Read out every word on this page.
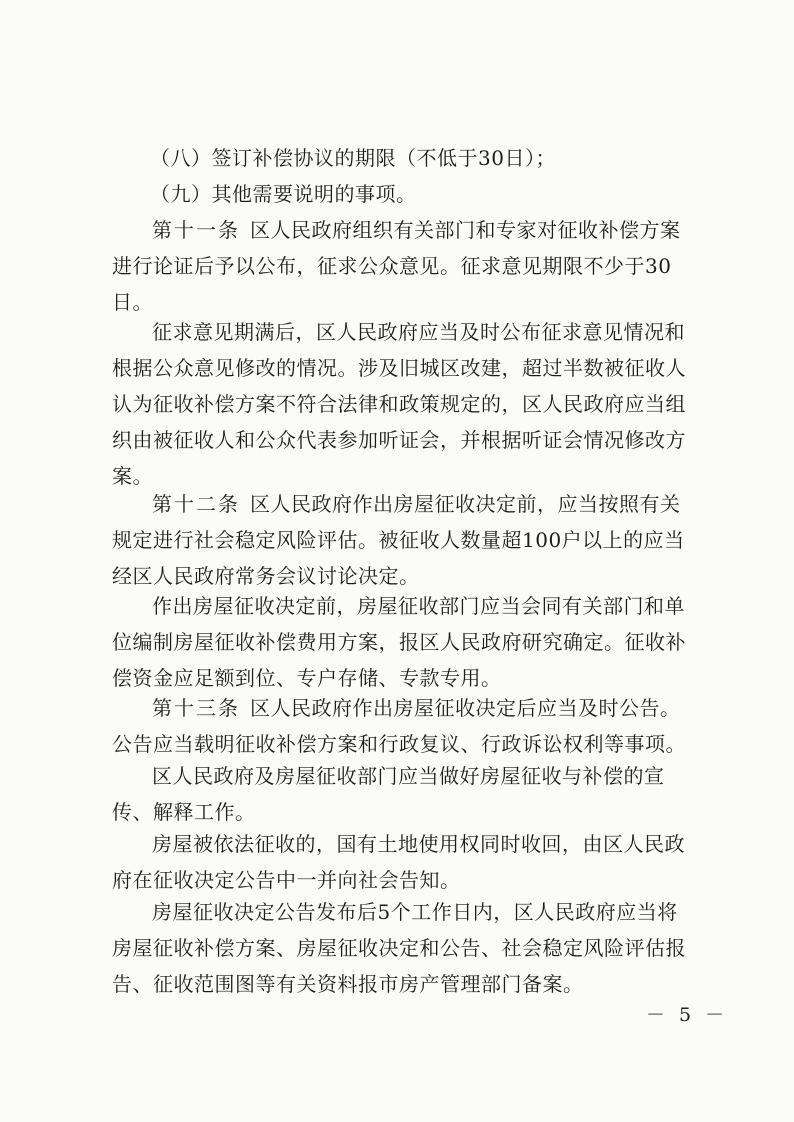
（八）签订补偿协议的期限（不低于30日）；
（九）其他需要说明的事项。
第十一条 区人民政府组织有关部门和专家对征收补偿方案进行论证后予以公布，征求公众意见。征求意见期限不少于30日。
征求意见期满后，区人民政府应当及时公布征求意见情况和根据公众意见修改的情况。涉及旧城区改建，超过半数被征收人认为征收补偿方案不符合法律和政策规定的，区人民政府应当组织由被征收人和公众代表参加听证会，并根据听证会情况修改方案。
第十二条 区人民政府作出房屋征收决定前，应当按照有关规定进行社会稳定风险评估。被征收人数量超100户以上的应当经区人民政府常务会议讨论决定。
作出房屋征收决定前，房屋征收部门应当会同有关部门和单位编制房屋征收补偿费用方案，报区人民政府研究确定。征收补偿资金应足额到位、专户存储、专款专用。
第十三条 区人民政府作出房屋征收决定后应当及时公告。公告应当载明征收补偿方案和行政复议、行政诉讼权利等事项。
区人民政府及房屋征收部门应当做好房屋征收与补偿的宣传、解释工作。
房屋被依法征收的，国有土地使用权同时收回，由区人民政府在征收决定公告中一并向社会告知。
房屋征收决定公告发布后5个工作日内，区人民政府应当将房屋征收补偿方案、房屋征收决定和公告、社会稳定风险评估报告、征收范围图等有关资料报市房产管理部门备案。
－ 5 －
